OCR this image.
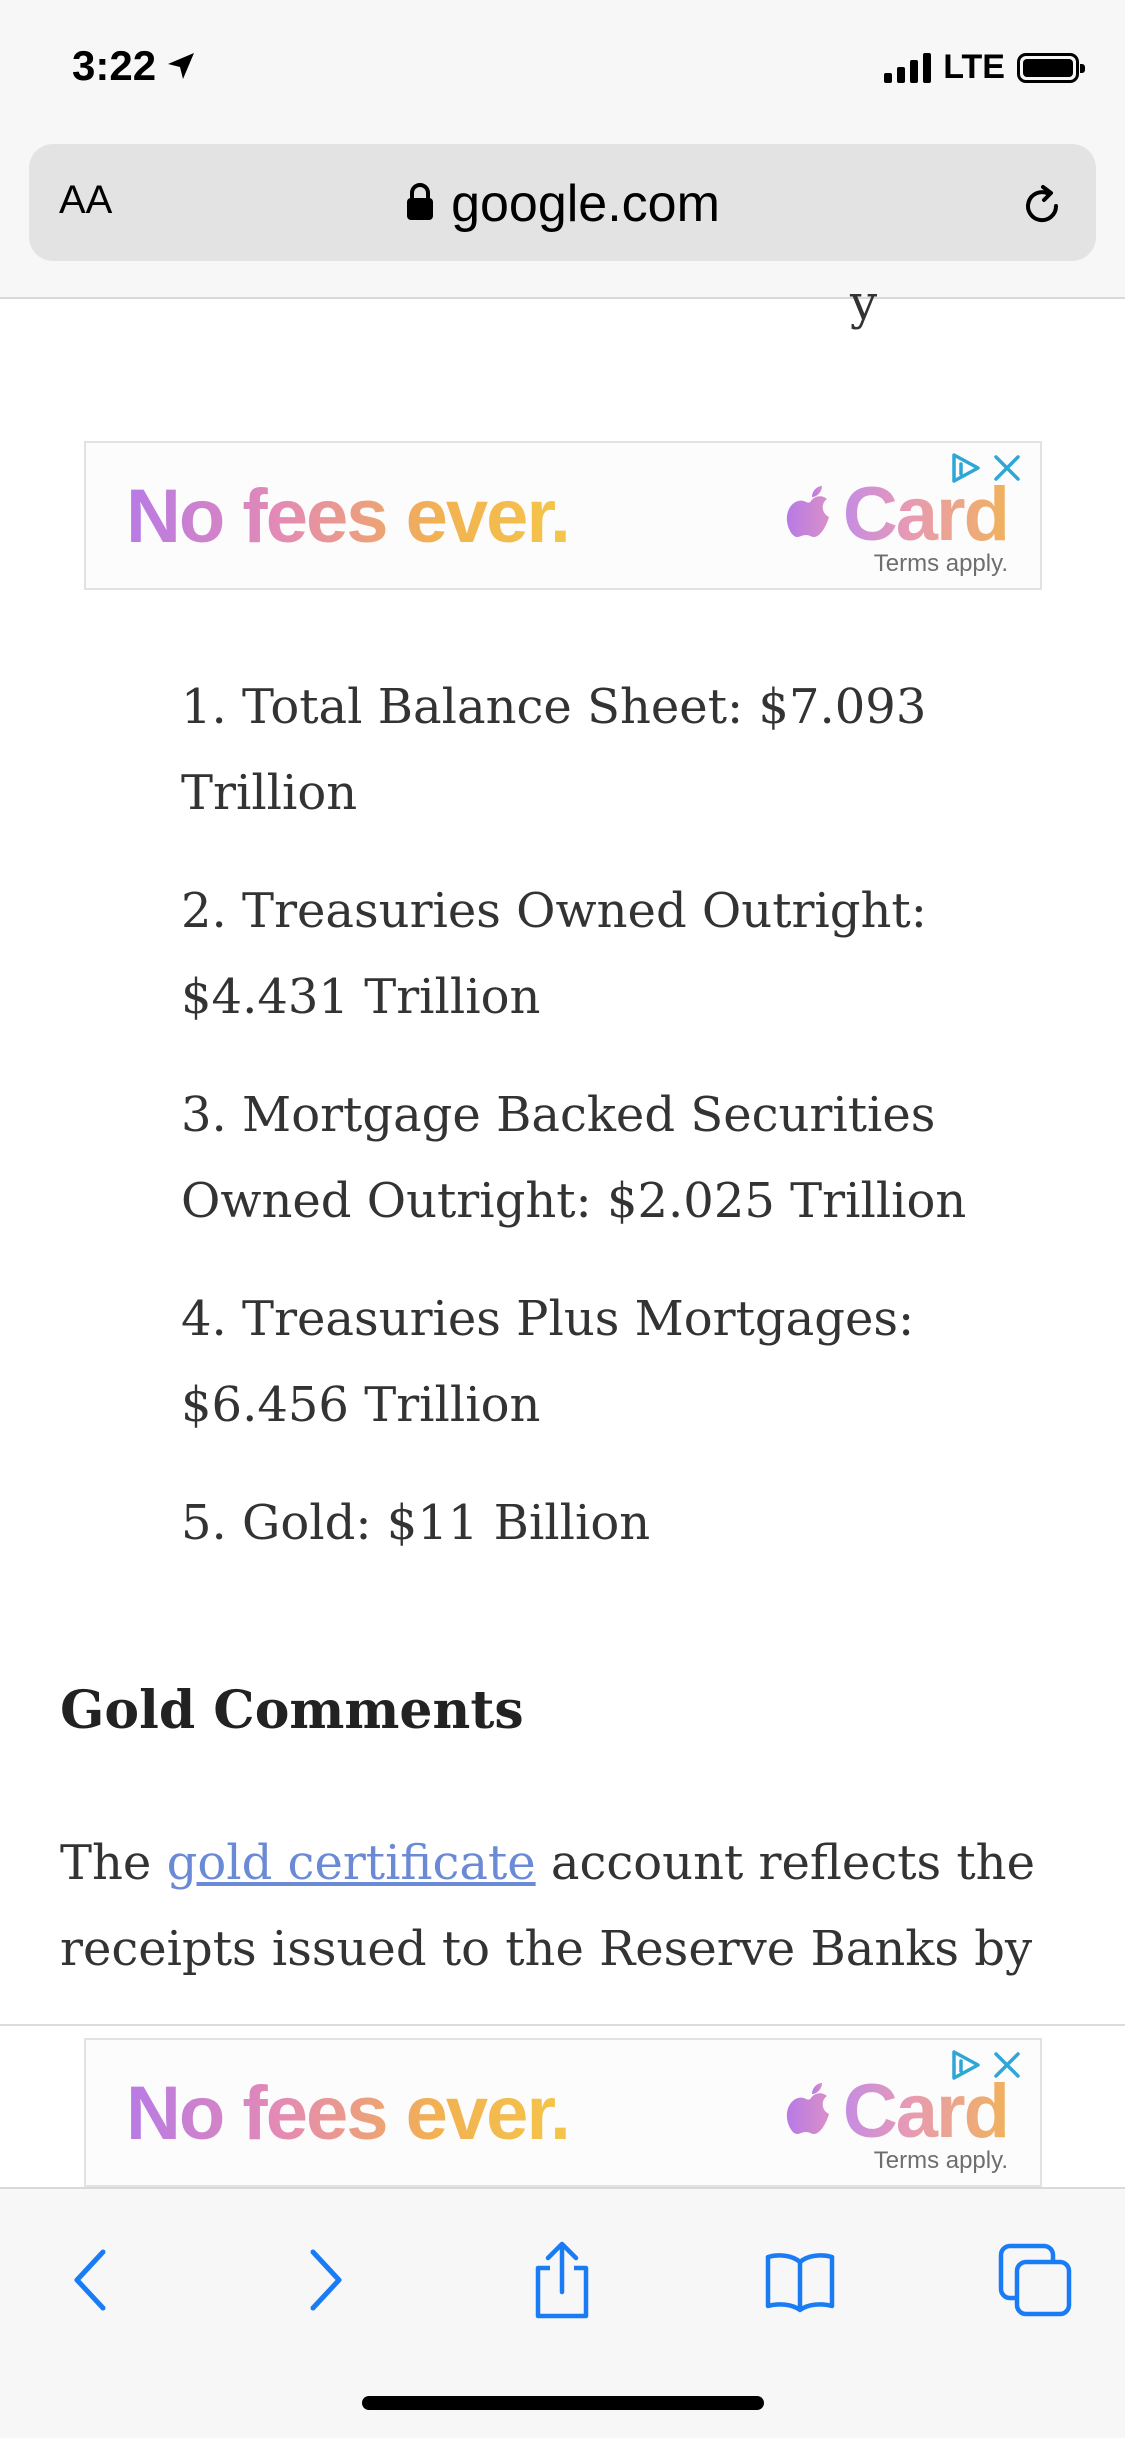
3:22	LTE
AA	google.com
y
No fees ever.	Card
Terms apply.
1. Total Balance Sheet: $7.093 Trillion
2. Treasuries Owned Outright: $4.431 Trillion
3. Mortgage Backed Securities Owned Outright: $2.025 Trillion
4. Treasuries Plus Mortgages: $6.456 Trillion
5. Gold: $11 Billion
Gold Comments

The gold certificate account reflects the receipts issued to the Reserve Banks by

No fees ever.	Card
Terms apply.
